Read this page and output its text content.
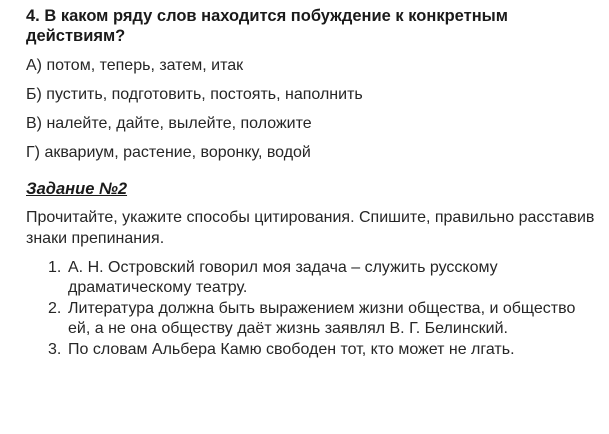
4. В каком ряду слов находится побуждение к конкретным действиям?

А) потом, теперь, затем, итак
Б) пустить, подготовить, постоять, наполнить
В) налейте, дайте, вылейте, положите
Г) аквариум, растение, воронку, водой
Задание №2
Прочитайте, укажите способы цитирования. Спишите, правильно расставив знаки препинания.
1. А. Н. Островский говорил моя задача – служить русскому драматическому театру.
2. Литература должна быть выражением жизни общества, и общество ей, а не она обществу даёт жизнь заявлял В. Г. Белинский.
3. По словам Альбера Камю свободен тот, кто может не лгать.
